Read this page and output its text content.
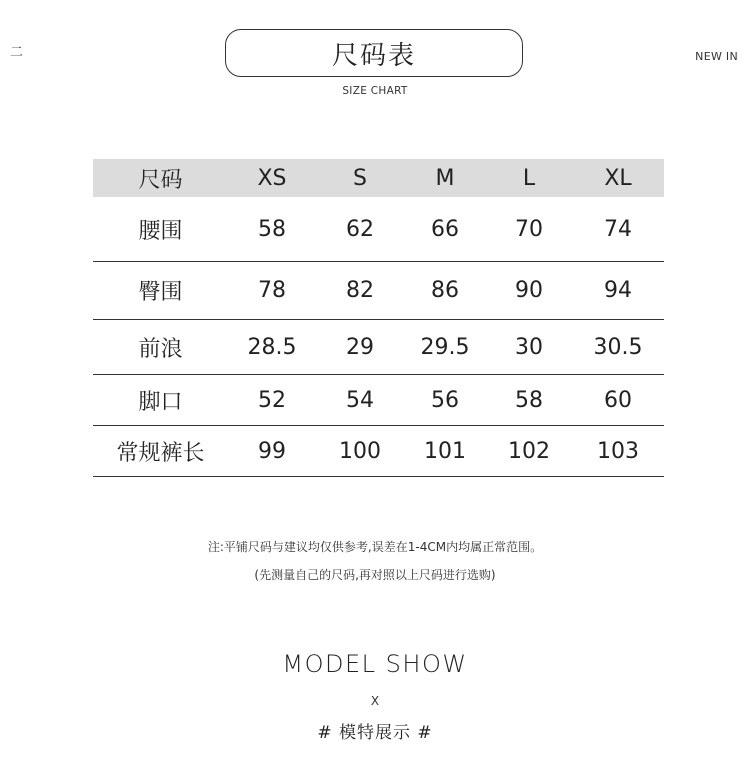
二	NEW IN
尺码表
SIZE CHART
尺码	XS	S	M	L	XL
腰围	58	62	66	70	74
臀围	78	82	86	90	94
前浪	28.5	29	29.5	30	30.5
脚口	52	54	56	58	60
常规裤长	99	100	101	102	103
注:平铺尺码与建议均仅供参考,误差在1-4CM内均属正常范围。
(先测量自己的尺码,再对照以上尺码进行选购)
MODEL SHOW
X
# 模特展示 #
